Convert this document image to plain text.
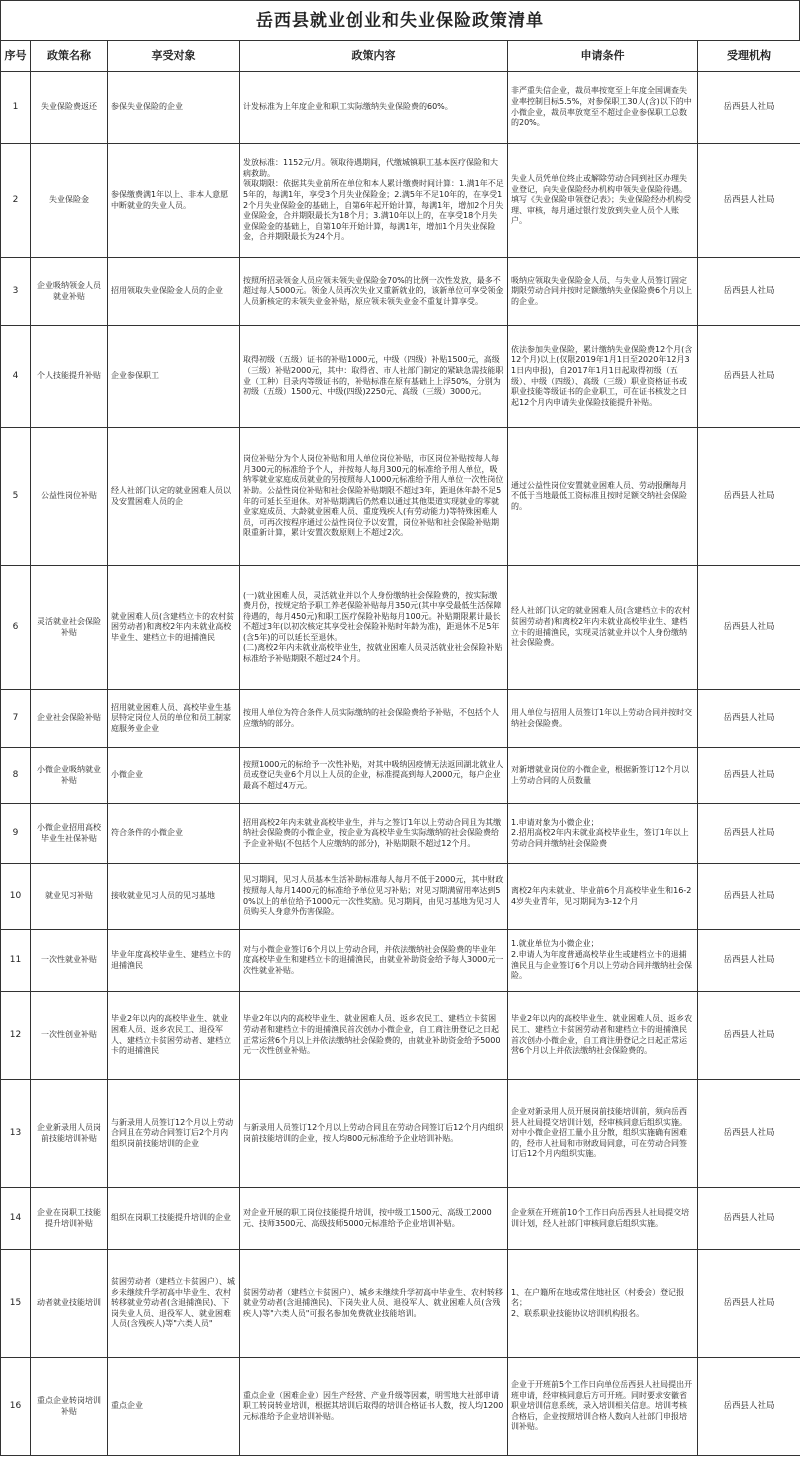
岳西县就业创业和失业保险政策清单
序号	政策名称	享受对象	政策内容	申请条件	受理机构
1	失业保险费返还	参保失业保险的企业	计发标准为上年度企业和职工实际缴纳失业保险费的60%。	非严重失信企业，裁员率按宽至上年度全国调查失业率控制目标5.5%，对参保职工30人(含)以下的中小微企业，裁员率放宽至不超过企业参保职工总数的20%。	岳西县人社局
2	失业保险金	参保缴费满1年以上、非本人意愿中断就业的失业人员。	发放标准：1152元/月。领取待遇期间，代缴城镇职工基本医疗保险和大病救助。
领取期限：依据其失业前所在单位和本人累计缴费时间计算：1.满1年不足5年的，每满1年，享受3个月失业保险金；2.满5年不足10年的，在享受12个月失业保险金的基础上，自第6年起开始计算，每满1年，增加2个月失业保险金，合并期限最长为18个月；3.满10年以上的，在享受18个月失业保险金的基础上，自第10年开始计算，每满1年，增加1个月失业保险金，合并期限最长为24个月。	失业人员凭单位终止或解除劳动合同到社区办理失业登记，向失业保险经办机构申领失业保险待遇。填写《失业保险申领登记表》；失业保险经办机构受理、审核，每月通过银行发放到失业人员个人账户。	岳西县人社局
3	企业吸纳领金人员就业补贴	招用领取失业保险金人员的企业	按照所招录领金人员应领未领失业保险金70%的比例一次性发放，最多不超过每人5000元。领金人员再次失业又重新就业的，该新单位可享受领金人员新核定的未领失业金补贴，原应领未领失业金不重复计算享受。	吸纳应领取失业保险金人员、与失业人员签订固定期限劳动合同并按时足额缴纳失业保险费6个月以上的企业。	岳西县人社局
4	个人技能提升补贴	企业参保职工	取得初级（五级）证书的补贴1000元，中级（四级）补贴1500元，高级（三级）补贴2000元，其中：取得省、市人社部门制定的紧缺急需技能职业（工种）目录内等级证书的，补贴标准在原有基础上上浮50%，分别为初级（五级）1500元、中级(四级)2250元、高级（三级）3000元。	依法参加失业保险，累计缴纳失业保险费12个月(含12个月)以上(仅限2019年1月1日至2020年12月31日内申报)，自2017年1月1日起取得初级（五级）、中级（四级）、高级（三级）职业资格证书或职业技能等级证书的企业职工，可在证书核发之日起12个月内申请失业保险技能提升补贴。	岳西县人社局
5	公益性岗位补贴	经人社部门认定的就业困难人员以及安置困难人员的企	岗位补贴分为个人岗位补贴和用人单位岗位补贴，市区岗位补贴按每人每月300元的标准给予个人，并按每人每月300元的标准给予用人单位，吸纳零就业家庭成员就业的另按照每人1000元标准给予用人单位一次性岗位补助。公益性岗位补贴和社会保险补贴期限不超过3年，距退休年龄不足5年的可延长至退休。对补贴期满后仍然难以通过其他渠道实现就业的零就业家庭成员、大龄就业困难人员、重度残疾人(有劳动能力)等特殊困难人员，可再次按程序通过公益性岗位予以安置，岗位补贴和社会保险补贴期限重新计算，累计安置次数原则上不超过2次。	通过公益性岗位安置就业困难人员、劳动报酬每月不低于当地最低工资标准且按时足额交纳社会保险的。	岳西县人社局
6	灵活就业社会保险补贴	就业困难人员(含建档立卡的农村贫困劳动者)和离校2年内未就业高校毕业生、建档立卡的退捕渔民	(一)就业困难人员，灵活就业并以个人身份缴纳社会保险费的，按实际缴费月份，按规定给予职工养老保险补贴每月350元(其中享受最低生活保障待遇的，每月450元)和职工医疗保险补贴每月100元。补贴期限累计最长不超过3年(以初次核定其享受社会保险补贴时年龄为准)，距退休不足5年(含5年)的可以延长至退休。
(二)离校2年内未就业高校毕业生，按就业困难人员灵活就业社会保险补贴标准给予补贴期限不超过24个月。	经人社部门认定的就业困难人员(含建档立卡的农村贫困劳动者)和离校2年内未就业高校毕业生、建档立卡的退捕渔民，实现灵活就业并以个人身份缴纳社会保险费。	岳西县人社局
7	企业社会保险补贴	招用就业困难人员、高校毕业生基层特定岗位人员的单位和员工制家庭服务业企业	按用人单位为符合条件人员实际缴纳的社会保险费给予补贴，不包括个人应缴纳的部分。	用人单位与招用人员签订1年以上劳动合同并按时交纳社会保险费。	岳西县人社局
8	小微企业吸纳就业补贴	小微企业	按照1000元的标给予一次性补贴，对其中吸纳因疫情无法返回湖北就业人员或登记失业6个月以上人员的企业，标准提高到每人2000元，每户企业最高不超过4万元。	对新增就业岗位的小微企业，根据新签订12个月以上劳动合同的人员数量	岳西县人社局
9	小微企业招用高校毕业生社保补贴	符合条件的小微企业	招用高校2年内未就业高校毕业生，并与之签订1年以上劳动合同且为其缴纳社会保险费的小微企业，按企业为高校毕业生实际缴纳的社会保险费给予企业补贴(不包括个人应缴纳的部分)，补贴期限不超过12个月。	1.申请对象为小微企业；
2.招用高校2年内未就业高校毕业生，签订1年以上劳动合同并缴纳社会保险费	岳西县人社局
10	就业见习补贴	接收就业见习人员的见习基地	见习期间，见习人员基本生活补助标准每人每月不低于2000元，其中财政按照每人每月1400元的标准给予单位见习补贴；对见习期满留用率达到50%以上的单位给予1000元一次性奖励。见习期间，由见习基地为见习人员购买人身意外伤害保险。	离校2年内未就业、毕业前6个月高校毕业生和16-24岁失业青年，见习期间为3-12个月	岳西县人社局
11	一次性就业补贴	毕业年度高校毕业生、建档立卡的退捕渔民	对与小微企业签订6个月以上劳动合同，并依法缴纳社会保险费的毕业年度高校毕业生和建档立卡的退捕渔民，由就业补助资金给予每人3000元一次性就业补贴。	1.就业单位为小微企业；
2.申请人为年度普通高校毕业生或建档立卡的退捕渔民且与企业签订6个月以上劳动合同并缴纳社会保险。	岳西县人社局
12	一次性创业补贴	毕业2年以内的高校毕业生、就业困难人员、返乡农民工、退役军人、建档立卡贫困劳动者、建档立卡的退捕渔民	毕业2年以内的高校毕业生、就业困难人员、返乡农民工、建档立卡贫困劳动者和建档立卡的退捕渔民首次创办小微企业，自工商注册登记之日起正常运营6个月以上并依法缴纳社会保险费的，由就业补助资金给予5000元一次性创业补贴。	毕业2年以内的高校毕业生、就业困难人员、返乡农民工、建档立卡贫困劳动者和建档立卡的退捕渔民首次创办小微企业，自工商注册登记之日起正常运营6个月以上并依法缴纳社会保险费的。	岳西县人社局
13	企业新录用人员岗前技能培训补贴	与新录用人员签订12个月以上劳动合同且在劳动合同签订后2个月内组织岗前技能培训的企业	与新录用人员签订12个月以上劳动合同且在劳动合同签订后12个月内组织岗前技能培训的企业，按人均800元标准给予企业培训补贴。	企业对新录用人员开展岗前技能培训前，须向岳西县人社局提交培训计划，经审核同意后组织实施。对中小微企业招工量小且分散，组织实施确有困难的，经市人社局和市财政局同意，可在劳动合同签订后12个月内组织实施。	岳西县人社局
14	企业在岗职工技能提升培训补贴	组织在岗职工技能提升培训的企业	对企业开展的职工岗位技能提升培训，按中级工1500元、高级工2000元、技师3500元、高级技师5000元标准给予企业培训补贴。	企业须在开班前10个工作日向岳西县人社局提交培训计划，经人社部门审核同意后组织实施。	岳西县人社局
15	动者就业技能培训	贫困劳动者（建档立卡贫困户）、城乡未继续升学初高中毕业生、农村转移就业劳动者(含退捕渔民)、下岗失业人员、退役军人、就业困难人员(含残疾人)等"六类人员"	贫困劳动者（建档立卡贫困户）、城乡未继续升学初高中毕业生、农村转移就业劳动者(含退捕渔民)、下岗失业人员、退役军人、就业困难人员(含残疾人)等"六类人员"可报名参加免费就业技能培训。	1、在户籍所在地或常住地社区（村委会）登记报名；
2、联系职业技能协议培训机构报名。	岳西县人社局
16	重点企业转岗培训补贴	重点企业	重点企业（困难企业）因生产经营、产业升级等因素，明雪地大社部申请职工转岗转业培训，根据其培训后取得的培训合格证书人数，按人均1200元标准给予企业培训补贴。	企业于开班前5个工作日向单位岳西县人社局提出开班申请，经审核同意后方可开班。同时要求安徽省职业培训信息系统，录入培训相关信息。培训考核合格后，企业按照培训合格人数向人社部门申报培训补贴。	岳西县人社局
